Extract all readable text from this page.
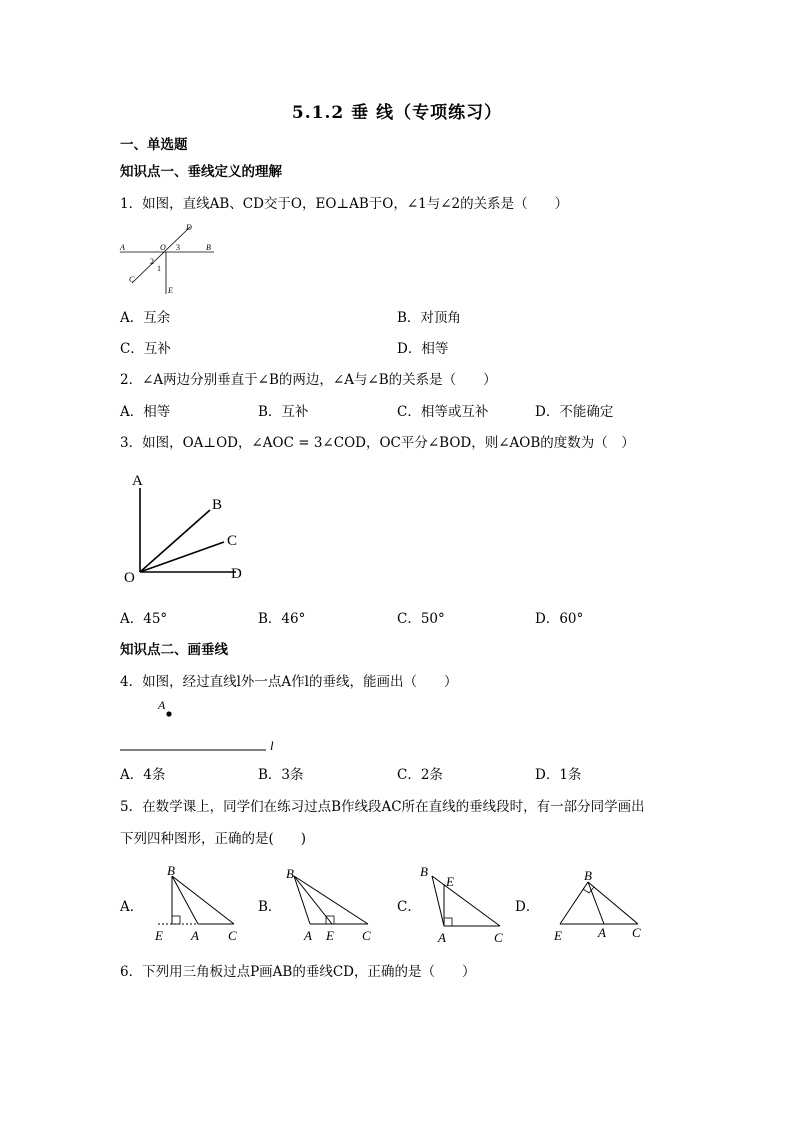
5.1.2 垂 线（专项练习）
一、单选题
知识点一、垂线定义的理解
1．如图，直线AB、CD交于O，EO⊥AB于O，∠1与∠2的关系是（　　）
A	O 3	B
D
2
1
C
E
A．互余	B．对顶角
C．互补	D．相等
2．∠A两边分别垂直于∠B的两边，∠A与∠B的关系是（　　）
A．相等	B．互补	C．相等或互补	D．不能确定
3．如图，OA⊥OD，∠AOC = 3∠COD，OC平分∠BOD，则∠AOB的度数为（　）
A
B
C
D
O
A．45°	B．46°	C．50°	D．60°
知识点二、画垂线
4．如图，经过直线l外一点A作l的垂线，能画出（　　）
A
l
A．4条	B．3条	C．2条	D．1条
5．在数学课上，同学们在练习过点B作线段AC所在直线的垂线段时，有一部分同学画出
下列四种图形，正确的是(　　)
A．
B
E A C
B．
B
A E C
C．
B
E
A	C
D．
B
E	A C
6．下列用三角板过点P画AB的垂线CD，正确的是（　　）
